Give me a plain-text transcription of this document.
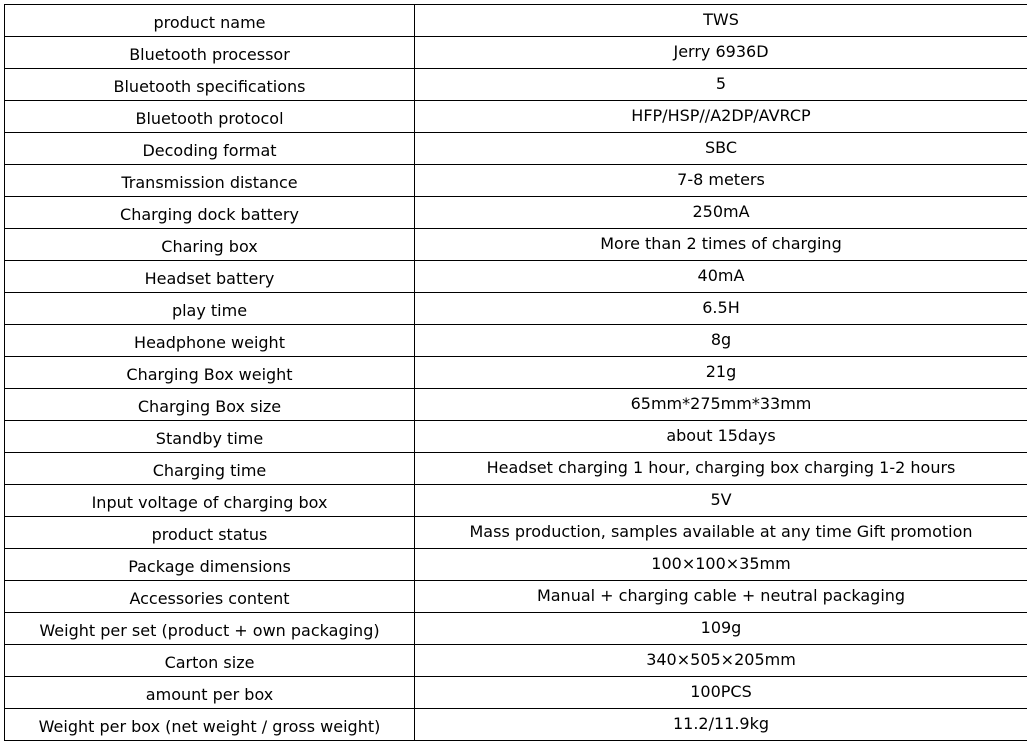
product name	TWS
Bluetooth processor	Jerry 6936D
Bluetooth specifications	5
Bluetooth protocol	HFP/HSP//A2DP/AVRCP
Decoding format	SBC
Transmission distance	7-8 meters
Charging dock battery	250mA
Charing box	More than 2 times of charging
Headset battery	40mA
play time	6.5H
Headphone weight	8g
Charging Box weight	21g
Charging Box size	65mm*275mm*33mm
Standby time	about 15days
Charging time	Headset charging 1 hour, charging box charging 1-2 hours
Input voltage of charging box	5V
product status	Mass production, samples available at any time Gift promotion
Package dimensions	100×100×35mm
Accessories content	Manual + charging cable + neutral packaging
Weight per set (product + own packaging)	109g
Carton size	340×505×205mm
amount per box	100PCS
Weight per box (net weight / gross weight)	11.2/11.9kg
